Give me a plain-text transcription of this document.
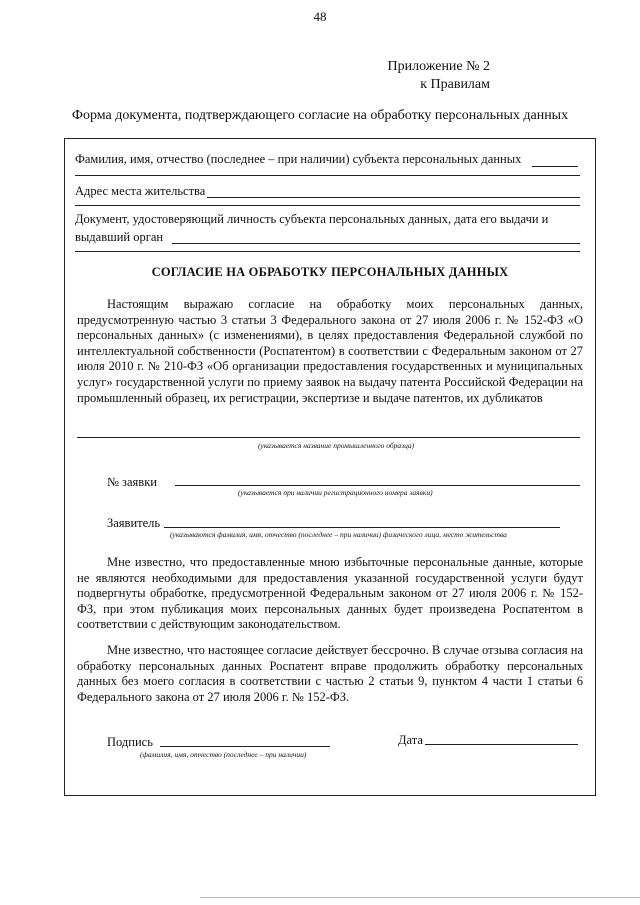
48
Приложение № 2
к Правилам
Форма документа, подтверждающего согласие на обработку персональных данных
Фамилия, имя, отчество (последнее – при наличии) субъекта персональных данных
Адрес места жительства
Документ, удостоверяющий личность субъекта персональных данных, дата его выдачи и
выдавший орган
СОГЛАСИЕ НА ОБРАБОТКУ ПЕРСОНАЛЬНЫХ ДАННЫХ
Настоящим выражаю согласие на обработку моих персональных данных, предусмотренную частью 3 статьи 3 Федерального закона от 27 июля 2006 г. № 152-ФЗ «О персональных данных» (с изменениями), в целях предоставления Федеральной службой по интеллектуальной собственности (Роспатентом) в соответствии с Федеральным законом от 27 июля 2010 г. № 210-ФЗ «Об организации предоставления государственных и муниципальных услуг» государственной услуги по приему заявок на выдачу патента Российской Федерации на промышленный образец, их регистрации, экспертизе и выдаче патентов, их дубликатов
(указывается название промышленного образца)
№ заявки
(указывается при наличии регистрационного номера заявки)
Заявитель
(указываются фамилия, имя, отчество (последнее – при наличии) физического лица, место жительства
Мне известно, что предоставленные мною избыточные персональные данные, которые не являются необходимыми для предоставления указанной государственной услуги будут подвергнуты обработке, предусмотренной Федеральным законом от 27 июля 2006 г. № 152-ФЗ, при этом публикация моих персональных данных будет произведена Роспатентом в соответствии с действующим законодательством.
Мне известно, что настоящее согласие действует бессрочно. В случае отзыва согласия на обработку персональных данных Роспатент вправе продолжить обработку персональных данных без моего согласия в соответствии с частью 2 статьи 9, пунктом 4 части 1 статьи 6 Федерального закона от 27 июля 2006 г. № 152-ФЗ.
Подпись
(фамилия, имя, отчество (последнее – при наличии)
Дата
